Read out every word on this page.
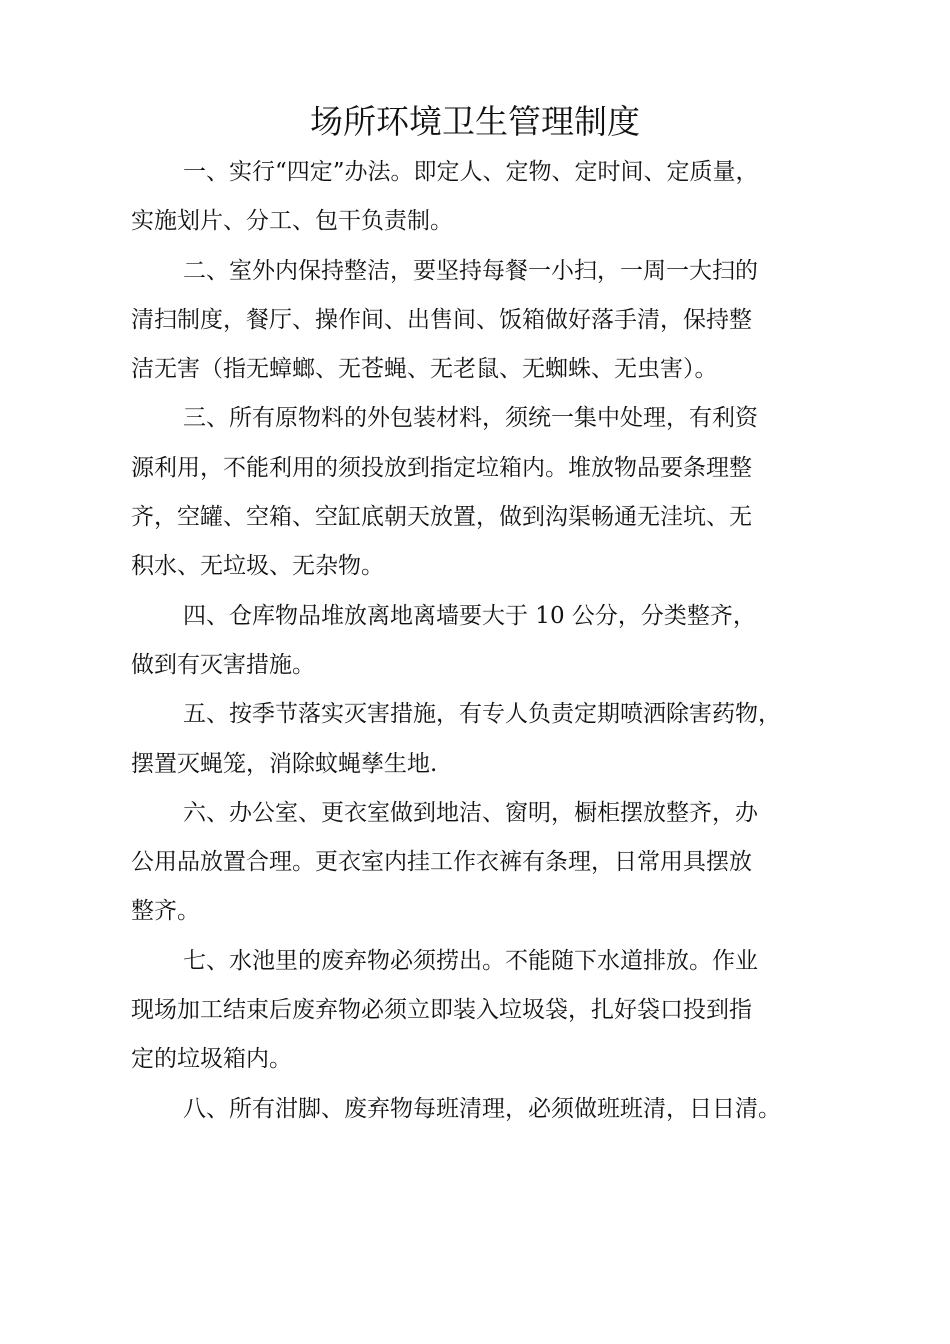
场所环境卫生管理制度

一、实行“四定”办法。即定人、定物、定时间、定质量，
实施划片、分工、包干负责制。

二、室外内保持整洁，要坚持每餐一小扫，一周一大扫的
清扫制度，餐厅、操作间、出售间、饭箱做好落手清，保持整
洁无害（指无蟑螂、无苍蝇、无老鼠、无蜘蛛、无虫害）。

三、所有原物料的外包装材料，须统一集中处理，有利资
源利用，不能利用的须投放到指定垃箱内。堆放物品要条理整
齐，空罐、空箱、空缸底朝天放置，做到沟渠畅通无洼坑、无
积水、无垃圾、无杂物。

四、仓库物品堆放离地离墙要大于 10 公分，分类整齐，
做到有灭害措施。

五、按季节落实灭害措施，有专人负责定期喷洒除害药物，
摆置灭蝇笼，消除蚊蝇孳生地.

六、办公室、更衣室做到地洁、窗明，橱柜摆放整齐，办
公用品放置合理。更衣室内挂工作衣裤有条理，日常用具摆放
整齐。

七、水池里的废弃物必须捞出。不能随下水道排放。作业
现场加工结束后废弃物必须立即装入垃圾袋，扎好袋口投到指
定的垃圾箱内。

八、所有泔脚、废弃物每班清理，必须做班班清，日日清。
